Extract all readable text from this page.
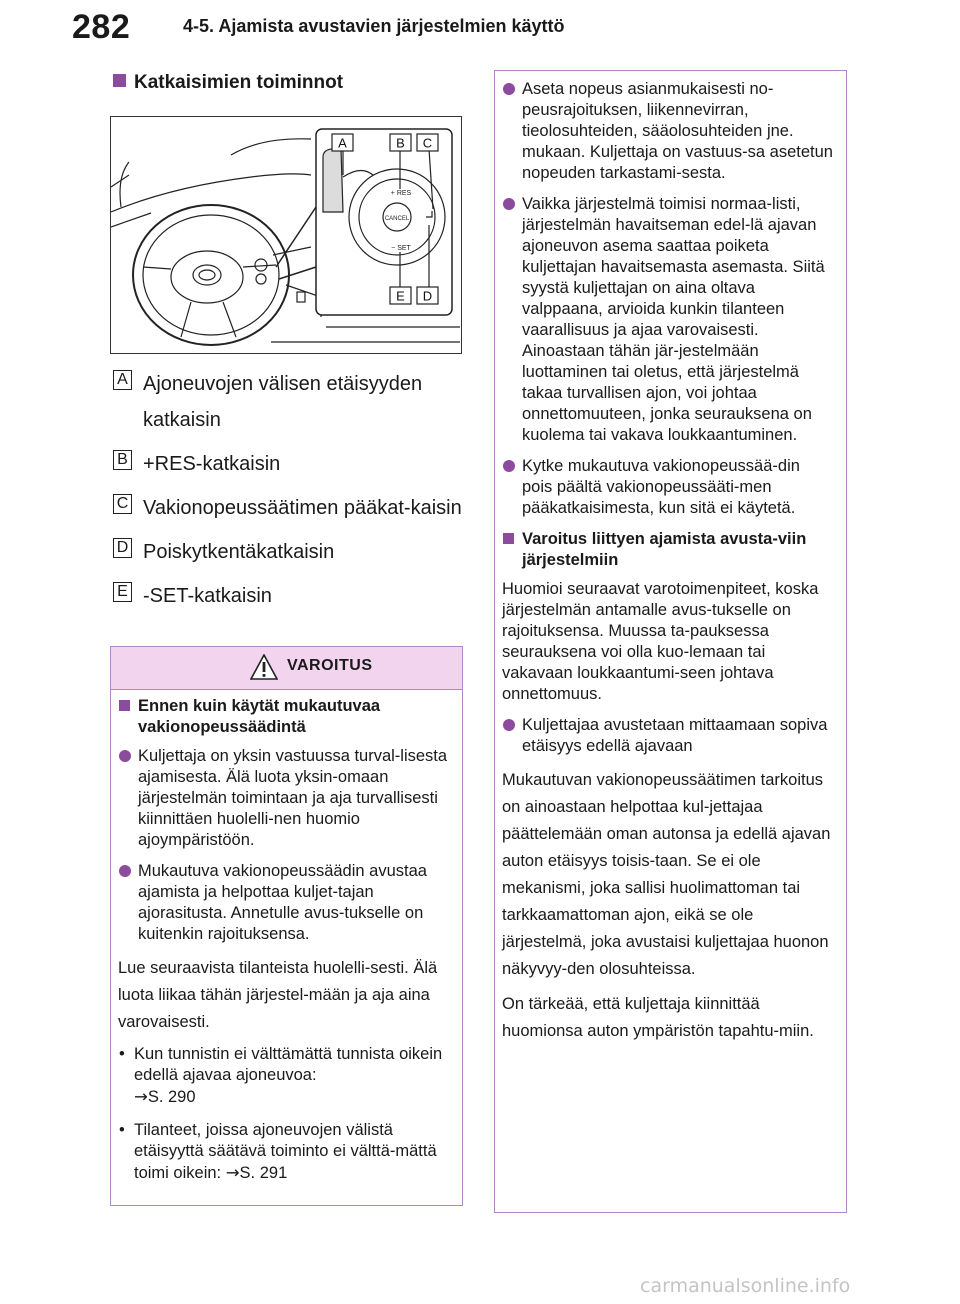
282	4-5. Ajamista avustavien järjestelmien käyttö
Katkaisimien toiminnot
+ RES
CANCEL
− SET
A	B C
E D
A Ajoneuvojen välisen etäisyyden katkaisin
B +RES-katkaisin
C Vakionopeussäätimen pääkat-kaisin
D Poiskytkentäkatkaisin
E -SET-katkaisin
VAROITUS
Ennen kuin käytät mukautuvaa vakionopeussäädintä
Kuljettaja on yksin vastuussa turval-lisesta ajamisesta. Älä luota yksin-omaan järjestelmän toimintaan ja aja turvallisesti kiinnittäen huolelli-nen huomio ajoympäristöön.
Mukautuva vakionopeussäädin avustaa ajamista ja helpottaa kuljet-tajan ajorasitusta. Annetulle avus-tukselle on kuitenkin rajoituksensa.
Lue seuraavista tilanteista huolelli-sesti. Älä luota liikaa tähän järjestel-mään ja aja aina varovaisesti.
• Kun tunnistin ei välttämättä tunnista oikein edellä ajavaa ajoneuvoa:
→S. 290
• Tilanteet, joissa ajoneuvojen välistä etäisyyttä säätävä toiminto ei välttä-mättä toimi oikein: →S. 291
Aseta nopeus asianmukaisesti no-peusrajoituksen, liikennevirran, tieolosuhteiden, sääolosuhteiden jne. mukaan. Kuljettaja on vastuus-sa asetetun nopeuden tarkastami-sesta.
Vaikka järjestelmä toimisi normaa-listi, järjestelmän havaitseman edel-lä ajavan ajoneuvon asema saattaa poiketa kuljettajan havaitsemasta asemasta. Siitä syystä kuljettajan on aina oltava valppaana, arvioida kunkin tilanteen vaarallisuus ja ajaa varovaisesti. Ainoastaan tähän jär-jestelmään luottaminen tai oletus, että järjestelmä takaa turvallisen ajon, voi johtaa onnettomuuteen, jonka seurauksena on kuolema tai vakava loukkaantuminen.
Kytke mukautuva vakionopeussää-din pois päältä vakionopeussääti-men pääkatkaisimesta, kun sitä ei käytetä.
Varoitus liittyen ajamista avusta-viin järjestelmiin
Huomioi seuraavat varotoimenpiteet, koska järjestelmän antamalle avus-tukselle on rajoituksensa. Muussa ta-pauksessa seurauksena voi olla kuo-lemaan tai vakavaan loukkaantumi-seen johtava onnettomuus.
Kuljettajaa avustetaan mittaamaan sopiva etäisyys edellä ajavaan
Mukautuvan vakionopeussäätimen tarkoitus on ainoastaan helpottaa kul-jettajaa päättelemään oman autonsa ja edellä ajavan auton etäisyys toisis-taan. Se ei ole mekanismi, joka sallisi huolimattoman tai tarkkaamattoman ajon, eikä se ole järjestelmä, joka avustaisi kuljettajaa huonon näkyvyy-den olosuhteissa.
On tärkeää, että kuljettaja kiinnittää huomionsa auton ympäristön tapahtu-miin.
carmanualsonline.info
